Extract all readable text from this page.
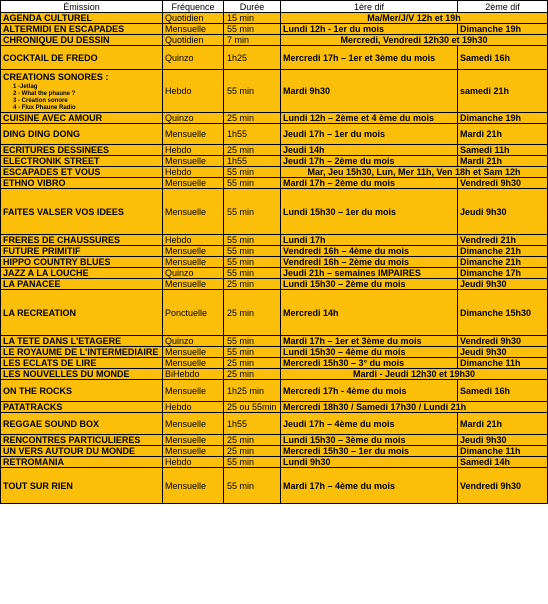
Émission	Fréquence	Durée	1ère dif	2ème dif
AGENDA CULTUREL	Quotidien	15 min	Ma/Mer/J/V 12h et 19h	
ALTERMIDI EN ESCAPADES	Mensuelle	55 min	Lundi 12h - 1er du mois	Dimanche 19h
CHRONIQUE DU DESSIN	Quotidien	7 min	Mercredi, Vendredi 12h30 et 19h30	
COCKTAIL DE FREDO	Quinzo	1h25	Mercredi 17h – 1er et 3ème du mois	Samedi 16h

CREATIONS SONORES :
1 -Jetlag
2 - What the phaune ?
3 - Création sonore
4 - Flux Phaune Radio	Hebdo	55 min	Mardi 9h30	samedi 21h
CUISINE AVEC AMOUR	Quinzo	25 min	Lundi 12h – 2ème et 4 ème du mois	Dimanche 19h
DING DING DONG	Mensuelle	1h55	Jeudi 17h – 1er du mois	Mardi 21h
ECRITURES DESSINEES	Hebdo	25 min	Jeudi 14h	Samedi 11h
ELECTRONIK STREET	Mensuelle	1h55	Jeudi 17h – 2ème du mois	Mardi 21h
ESCAPADES ET VOUS	Hebdo	55 min	Mar, Jeu 15h30, Lun, Mer 11h, Ven 18h et Sam 12h	
ETHNO VIBRO	Mensuelle	55 min	Mardi 17h – 2ème du mois	Vendredi 9h30
FAITES VALSER VOS IDEES	Mensuelle	55 min	Lundi 15h30 – 1er du mois	Jeudi 9h30
FRERES DE CHAUSSURES	Hebdo	55 min	Lundi 17h	Vendredi 21h
FUTURE PRIMITIF	Mensuelle	55 min	Vendredi 16h – 4ème du mois	Dimanche 21h
HIPPO COUNTRY BLUES	Mensuelle	55 min	Vendredi 16h – 2ème du mois	Dimanche 21h
JAZZ A LA LOUCHE	Quinzo	55 min	Jeudi 21h – semaines IMPAIRES	Dimanche 17h
LA PANACEE	Mensuelle	25 min	Lundi 15h30 – 2ème du mois	Jeudi 9h30
LA RECREATION	Ponctuelle	25 min	Mercredi 14h	Dimanche 15h30
LA TETE DANS L'ETAGERE	Quinzo	55 min	Mardi 17h – 1er et 3ème du mois	Vendredi 9h30
LE ROYAUME DE L'INTERMEDIAIRE	Mensuelle	55 min	Lundi 15h30 – 4ème du mois	Jeudi 9h30
LES ECLATS DE LIRE	Mensuelle	25 min	Mercredi 15h30 – 3° du mois	Dimanche 11h
LES NOUVELLES DU MONDE	BiHebdo	25 min	Mardi - Jeudi 12h30 et 19h30	
ON THE ROCKS	Mensuelle	1h25 min	Mercredi 17h - 4ème du mois	Samedi 16h
PATATRACKS	Hebdo	25 ou 55min	Mercredi 18h30 / Samedi 17h30 / Lundi 21h	
REGGAE SOUND BOX	Mensuelle	1h55	Jeudi 17h – 4ème du mois	Mardi 21h
RENCONTRES PARTICULIERES	Mensuelle	25 min	Lundi 15h30 – 3ème du mois	Jeudi 9h30
UN VERS AUTOUR DU MONDE	Mensuelle	25 min	Mercredi 15h30 – 1er du mois	Dimanche 11h
RETROMANIA	Hebdo	55 min	Lundi 9h30	Samedi 14h
TOUT SUR RIEN	Mensuelle	55 min	Mardi 17h – 4ème du mois	Vendredi 9h30
